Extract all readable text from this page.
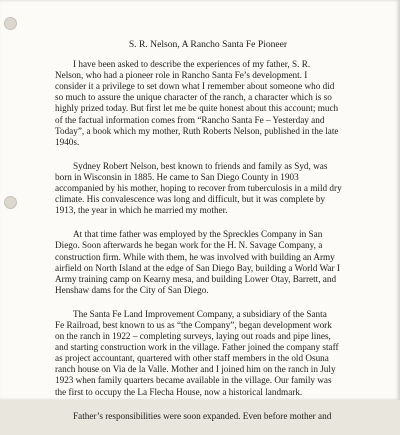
S. R. Nelson, A Rancho Santa Fe Pioneer
I have been asked to describe the experiences of my father, S. R.
Nelson, who had a pioneer role in Rancho Santa Fe’s development. I
consider it a privilege to set down what I remember about someone who did
so much to assure the unique character of the ranch, a character which is so
highly prized today. But first let me be quite honest about this account; much
of the factual information comes from “Rancho Santa Fe – Yesterday and
Today”, a book which my mother, Ruth Roberts Nelson, published in the late
1940s.
Sydney Robert Nelson, best known to friends and family as Syd, was
born in Wisconsin in 1885. He came to San Diego County in 1903
accompanied by his mother, hoping to recover from tuberculosis in a mild dry
climate. His convalescence was long and difficult, but it was complete by
1913, the year in which he married my mother.
At that time father was employed by the Spreckles Company in San
Diego. Soon afterwards he began work for the H. N. Savage Company, a
construction firm. While with them, he was involved with building an Army
airfield on North Island at the edge of San Diego Bay, building a World War I
Army training camp on Kearny mesa, and building Lower Otay, Barrett, and
Henshaw dams for the City of San Diego.
The Santa Fe Land Improvement Company, a subsidiary of the Santa
Fe Railroad, best known to us as “the Company”, began development work
on the ranch in 1922 – completing surveys, laying out roads and pipe lines,
and starting construction work in the village. Father joined the company staff
as project accountant, quartered with other staff members in the old Osuna
ranch house on Via de la Valle. Mother and I joined him on the ranch in July
1923 when family quarters became available in the village. Our family was
the first to occupy the La Flecha House, now a historical landmark.
Father’s responsibilities were soon expanded. Even before mother and
